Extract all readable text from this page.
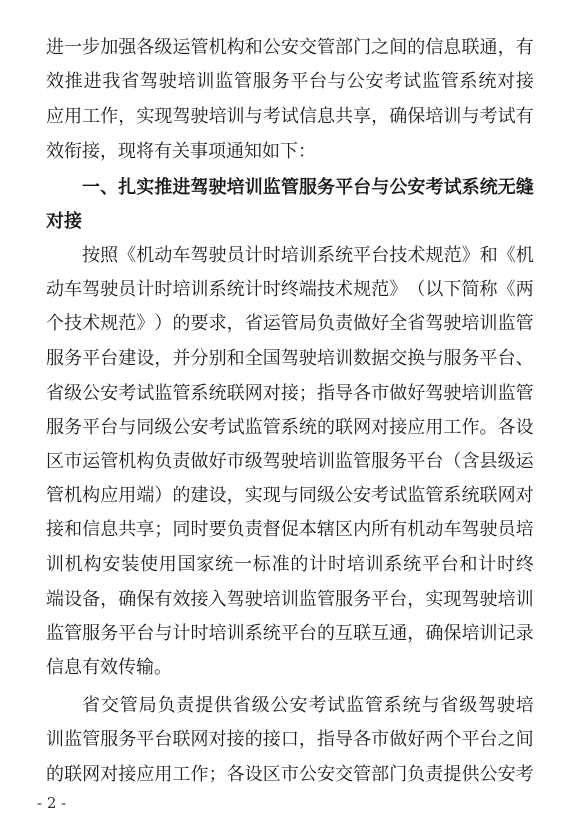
进 一 步 加 强 各 级 运 管 机 构 和 公 安 交 管 部 门 之 间 的 信 息 联 通 ， 有
效 推 进 我 省 驾 驶 培 训 监 管 服 务 平 台 与 公 安 考 试 监 管 系 统 对 接
应 用 工 作 ， 实 现 驾 驶 培 训 与 考 试 信 息 共 享 ， 确 保 培 训 与 考 试 有
效衔接，现将有关事项通知如下：
一 、 扎 实 推 进 驾 驶 培 训 监 管 服 务 平 台 与 公 安 考 试 系 统 无 缝
对接
按 照 《 机 动 车 驾 驶 员 计 时 培 训 系 统 平 台 技 术 规 范 》 和 《 机
动 车 驾 驶 员 计 时 培 训 系 统 计 时 终 端 技 术 规 范 》 （ 以 下 简 称 《 两
个 技 术 规 范 》 ） 的 要 求 ， 省 运 管 局 负 责 做 好 全 省 驾 驶 培 训 监 管
服 务 平 台 建 设 ， 并 分 别 和 全 国 驾 驶 培 训 数 据 交 换 与 服 务 平 台 、
省 级 公 安 考 试 监 管 系 统 联 网 对 接 ； 指 导 各 市 做 好 驾 驶 培 训 监 管
服 务 平 台 与 同 级 公 安 考 试 监 管 系 统 的 联 网 对 接 应 用 工 作 。 各 设
区 市 运 管 机 构 负 责 做 好 市 级 驾 驶 培 训 监 管 服 务 平 台 （ 含 县 级 运
管 机 构 应 用 端 ） 的 建 设 ， 实 现 与 同 级 公 安 考 试 监 管 系 统 联 网 对
接 和 信 息 共 享 ； 同 时 要 负 责 督 促 本 辖 区 内 所 有 机 动 车 驾 驶 员 培
训 机 构 安 装 使 用 国 家 统 一 标 准 的 计 时 培 训 系 统 平 台 和 计 时 终
端 设 备 ， 确 保 有 效 接 入 驾 驶 培 训 监 管 服 务 平 台 ， 实 现 驾 驶 培 训
监 管 服 务 平 台 与 计 时 培 训 系 统 平 台 的 互 联 互 通 ， 确 保 培 训 记 录
信息有效传输。
省 交 管 局 负 责 提 供 省 级 公 安 考 试 监 管 系 统 与 省 级 驾 驶 培
训 监 管 服 务 平 台 联 网 对 接 的 接 口 ， 指 导 各 市 做 好 两 个 平 台 之 间
的 联 网 对 接 应 用 工 作 ； 各 设 区 市 公 安 交 管 部 门 负 责 提 供 公 安 考
- 2 -
